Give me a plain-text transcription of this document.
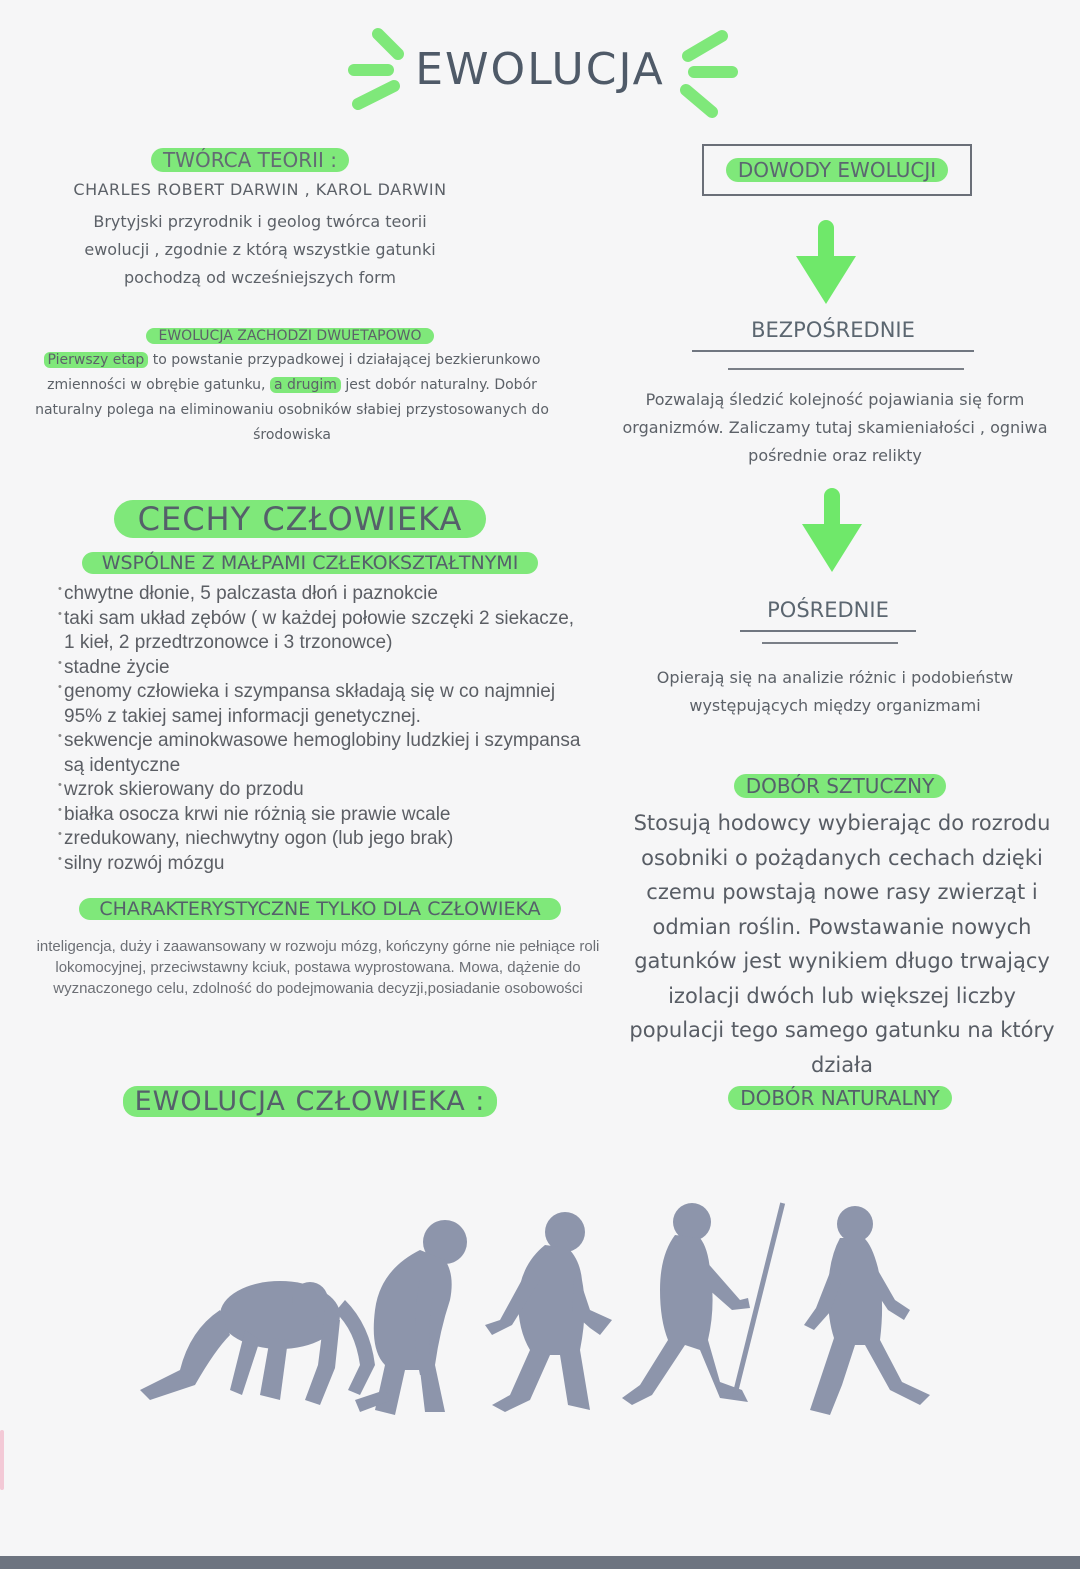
EWOLUCJA
TWÓRCA TEORII :
CHARLES ROBERT DARWIN , KAROL DARWIN
Brytyjski przyrodnik i geolog twórca teorii
ewolucji , zgodnie z którą wszystkie gatunki
pochodzą od wcześniejszych form
EWOLUCJA ZACHODZI DWUETAPOWO
Pierwszy etap to powstanie przypadkowej i działającej bezkierunkowo zmienności w obrębie gatunku, a drugim jest dobór naturalny. Dobór naturalny polega na eliminowaniu osobników słabiej przystosowanych do środowiska
CECHY CZŁOWIEKA
WSPÓLNE Z MAŁPAMI CZŁEKOKSZTAŁTNYMI
• chwytne dłonie, 5 palczasta dłoń i paznokcie
• taki sam układ zębów ( w każdej połowie szczęki 2 siekacze, 1 kieł, 2 przedtrzonowce i 3 trzonowce)
• stadne życie
• genomy człowieka i szympansa składają się w co najmniej 95% z takiej samej informacji genetycznej.
• sekwencje aminokwasowe hemoglobiny ludzkiej i szympansa są identyczne
• wzrok skierowany do przodu
• białka osocza krwi nie różnią sie prawie wcale
• zredukowany, niechwytny ogon (lub jego brak)
• silny rozwój mózgu
CHARAKTERYSTYCZNE TYLKO DLA CZŁOWIEKA
inteligencja, duży i zaawansowany w rozwoju mózg, kończyny górne nie pełniące roli lokomocyjnej, przeciwstawny kciuk, postawa wyprostowana. Mowa, dążenie do wyznaczonego celu, zdolność do podejmowania decyzji,posiadanie osobowości
EWOLUCJA CZŁOWIEKA :
DOWODY EWOLUCJI
BEZPOŚREDNIE
Pozwalają śledzić kolejność pojawiania się form organizmów. Zaliczamy tutaj skamieniałości , ogniwa pośrednie oraz relikty
POŚREDNIE
Opierają się na analizie różnic i podobieństw występujących między organizmami
DOBÓR SZTUCZNY
Stosują hodowcy wybierając do rozrodu osobniki o pożądanych cechach dzięki czemu powstają nowe rasy zwierząt i odmian roślin. Powstawanie nowych gatunków jest wynikiem długo trwający izolacji dwóch lub większej liczby populacji tego samego gatunku na który działa
DOBÓR NATURALNY
